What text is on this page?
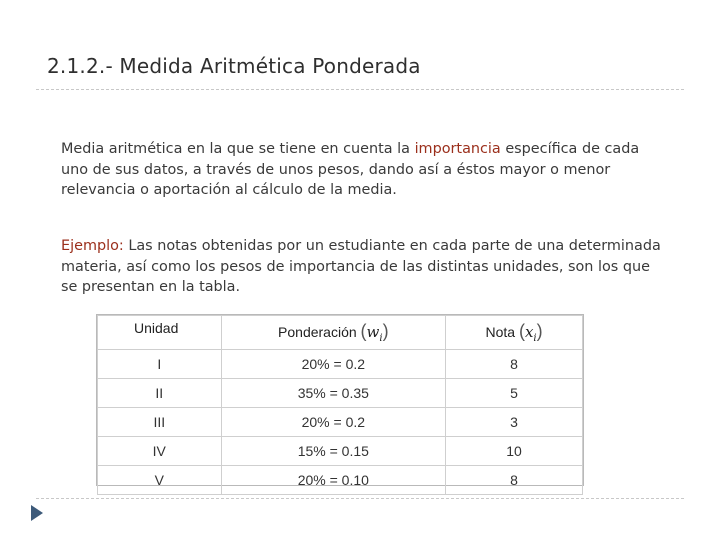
2.1.2.- Medida Aritmética Ponderada

Media aritmética en la que se tiene en cuenta la importancia específica de cada uno de sus datos, a través de unos pesos, dando así a éstos mayor o menor relevancia o aportación al cálculo de la media.

Ejemplo: Las notas obtenidas por un estudiante en cada parte de una determinada materia, así como los pesos de importancia de las distintas unidades, son los que se presentan en la tabla.

Unidad	Ponderación $(w_i)$	Nota $(x_i)$
I	20% = 0.2	8
II	35% = 0.35	5
III	20% = 0.2	3
IV	15% = 0.15	10
V	20% = 0.10	8
